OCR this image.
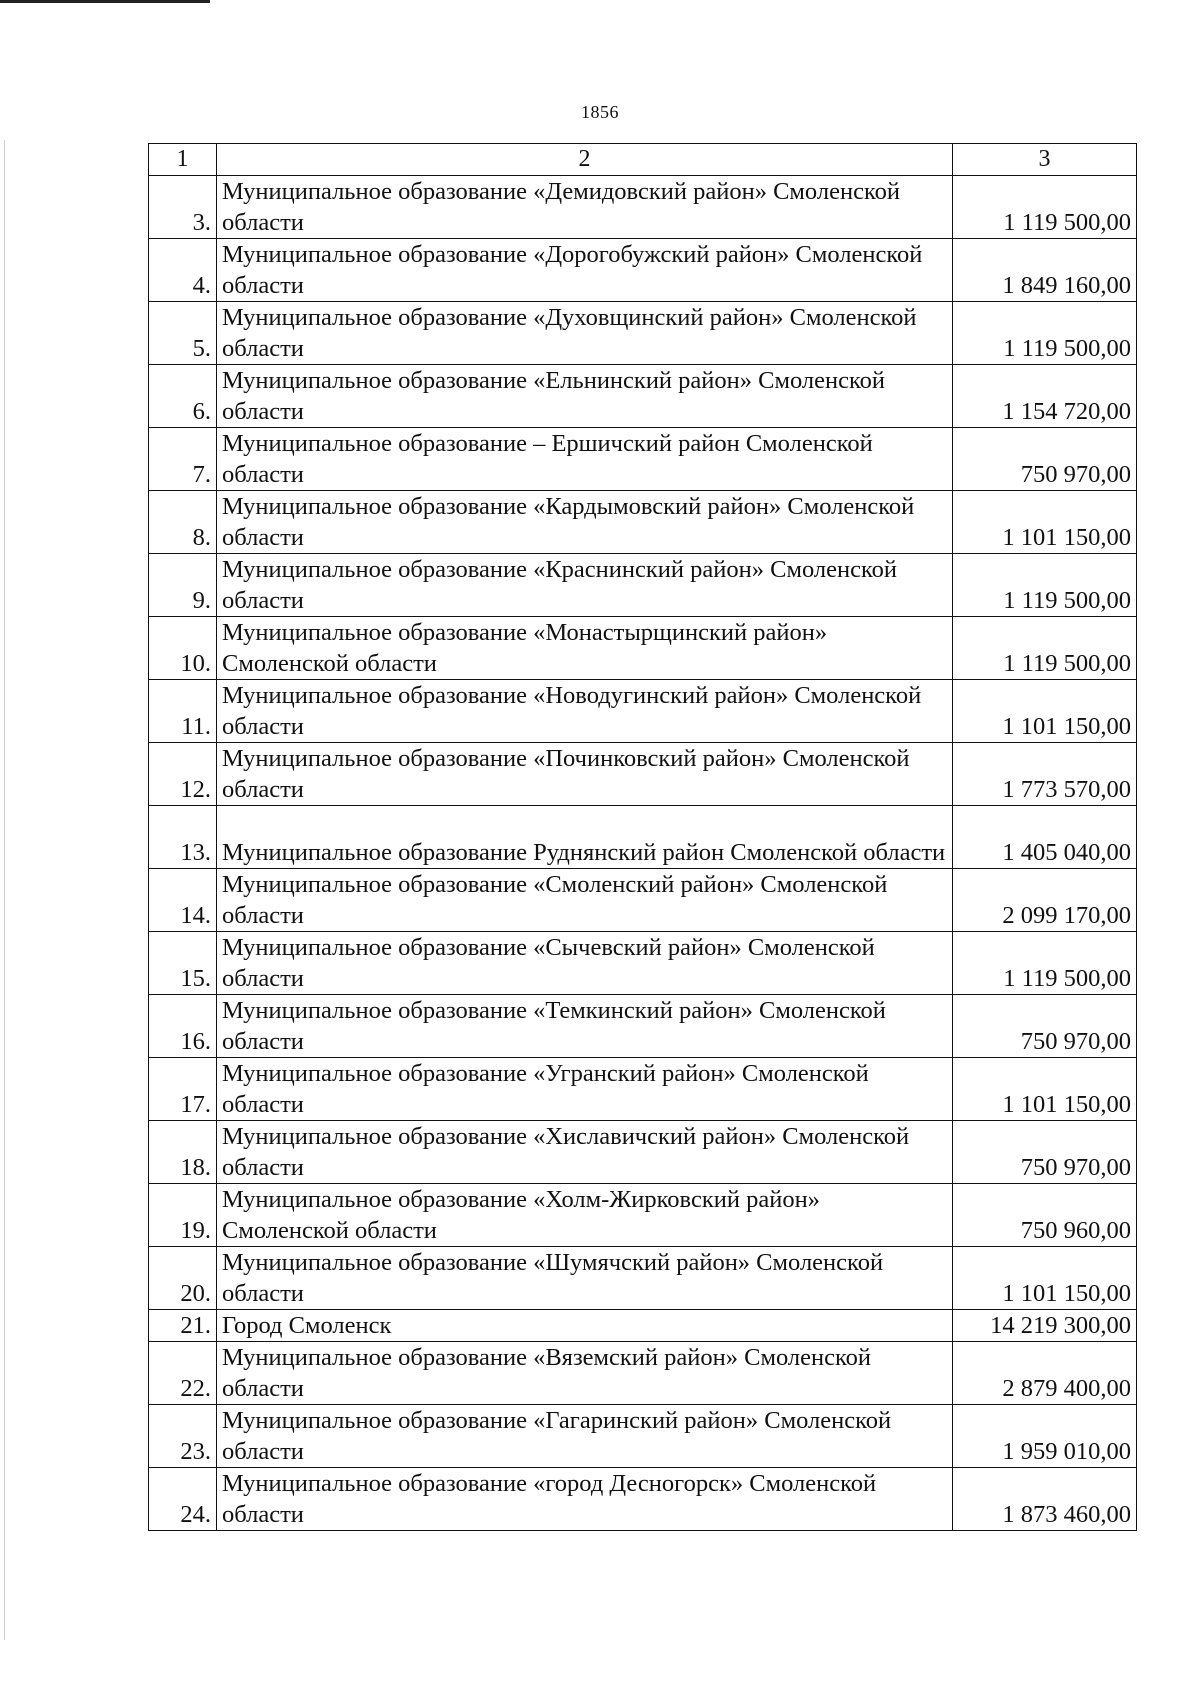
1856
1	2	3
3.	Муниципальное образование «Демидовский район» Смоленской области	1 119 500,00
4.	Муниципальное образование «Дорогобужский район» Смоленской области	1 849 160,00
5.	Муниципальное образование «Духовщинский район» Смоленской области	1 119 500,00
6.	Муниципальное образование «Ельнинский район» Смоленской области	1 154 720,00
7.	Муниципальное образование – Ершичский район Смоленской области	750 970,00
8.	Муниципальное образование «Кардымовский район» Смоленской области	1 101 150,00
9.	Муниципальное образование «Краснинский район» Смоленской области	1 119 500,00
10.	Муниципальное образование «Монастырщинский район» Смоленской области	1 119 500,00
11.	Муниципальное образование «Новодугинский район» Смоленской области	1 101 150,00
12.	Муниципальное образование «Починковский район» Смоленской области	1 773 570,00
13.	Муниципальное образование Руднянский район Смоленской области	1 405 040,00
14.	Муниципальное образование «Смоленский район» Смоленской области	2 099 170,00
15.	Муниципальное образование «Сычевский район» Смоленской области	1 119 500,00
16.	Муниципальное образование «Темкинский район» Смоленской области	750 970,00
17.	Муниципальное образование «Угранский район» Смоленской области	1 101 150,00
18.	Муниципальное образование «Хиславичский район» Смоленской области	750 970,00
19.	Муниципальное образование «Холм-Жирковский район» Смоленской области	750 960,00
20.	Муниципальное образование «Шумячский район» Смоленской области	1 101 150,00
21.	Город Смоленск	14 219 300,00
22.	Муниципальное образование «Вяземский район» Смоленской области	2 879 400,00
23.	Муниципальное образование «Гагаринский район» Смоленской области	1 959 010,00
24.	Муниципальное образование «город Десногорск» Смоленской области	1 873 460,00
